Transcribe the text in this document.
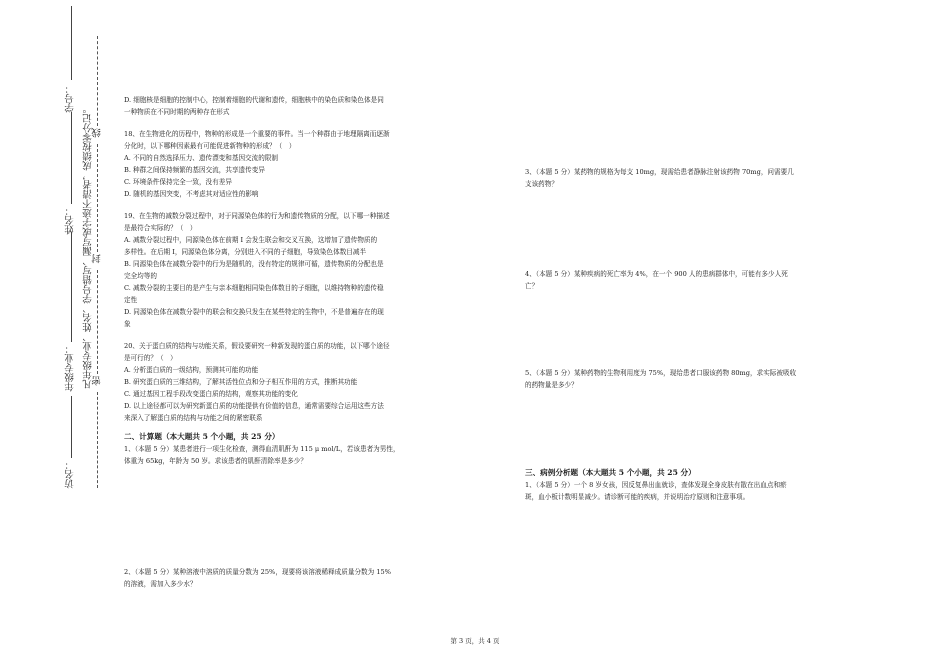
学号：
姓名：
年级专业：
访名：
凡年级专业、姓名、学号错写、漏写或字迹不清者，成绩按零分记。
线
封
密

D. 细胞核是细胞的控制中心，控制着细胞的代谢和遗传，细胞核中的染色质和染色体是同

一种物质在不同时期的两种存在形式

18、在生物进化的历程中，物种的形成是一个重要的事件。当一个种群由于地理隔离而逐渐

分化时，以下哪种因素最有可能促进新物种的形成？（　）

A. 不同的自然选择压力、遗传漂变和基因交流的限制

B. 种群之间保持频繁的基因交流，共享遗传变异

C. 环境条件保持完全一致，没有差异

D. 随机的基因突变，不考虑其对适应性的影响

19、在生物的减数分裂过程中，对于同源染色体的行为和遗传物质的分配，以下哪一种描述

是最符合实际的？（　）

A. 减数分裂过程中，同源染色体在前期 Ⅰ 会发生联会和交叉互换，这增加了遗传物质的

多样性。在后期 Ⅰ，同源染色体分离，分别进入不同的子细胞，导致染色体数目减半

B. 同源染色体在减数分裂中的行为是随机的，没有特定的规律可循，遗传物质的分配也是

完全均等的

C. 减数分裂的主要目的是产生与亲本细胞相同染色体数目的子细胞，以维持物种的遗传稳

定性

D. 同源染色体在减数分裂中的联会和交换只发生在某些特定的生物中，不是普遍存在的现

象

20、关于蛋白质的结构与功能关系，假设要研究一种新发现的蛋白质的功能，以下哪个途径

是可行的？（　）

A. 分析蛋白质的一级结构，预测其可能的功能

B. 研究蛋白质的三维结构，了解其活性位点和分子相互作用的方式，推断其功能

C. 通过基因工程手段改变蛋白质的结构，观察其功能的变化

D. 以上途径都可以为研究新蛋白质的功能提供有价值的信息，通常需要综合运用这些方法

来深入了解蛋白质的结构与功能之间的紧密联系

二、计算题（本大题共 5 个小题，共 25 分）

1、（本题 5 分）某患者进行一项生化检查，测得血清肌酐为 115 μ mol/L，若该患者为男性，

体重为 65kg，年龄为 50 岁。求该患者的肌酐清除率是多少？

2、（本题 5 分）某种溶液中溶质的质量分数为 25%，现要将该溶液稀释成质量分数为 15%

的溶液，需加入多少水？

3、（本题 5 分）某药物的规格为每支 10mg，现需给患者静脉注射该药物 70mg，问需要几

支该药物？

4、（本题 5 分）某种疾病的死亡率为 4%，在一个 900 人的患病群体中，可能有多少人死

亡？

5、（本题 5 分）某种药物的生物利用度为 75%，现给患者口服该药物 80mg，求实际被吸收

的药物量是多少？

三、病例分析题（本大题共 5 个小题，共 25 分）

1、（本题 5 分）一个 8 岁女孩，因反复鼻出血就诊，查体发现全身皮肤有散在出血点和瘀

斑，血小板计数明显减少。请诊断可能的疾病，并说明治疗原则和注意事项。

第 3 页，共 4 页
